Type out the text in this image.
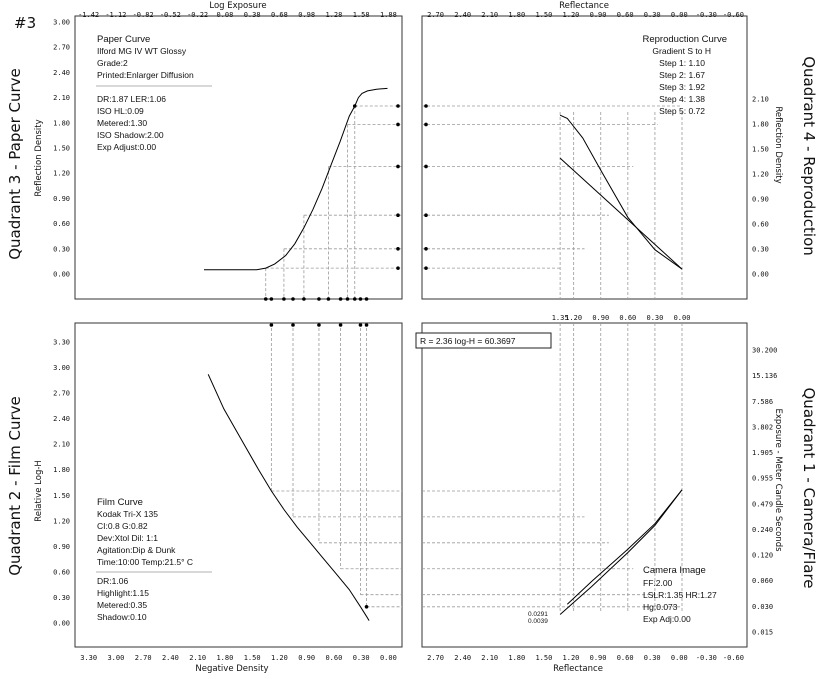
#3
Quadrant 3 - Paper Curve
Quadrant 2 - Film Curve
Quadrant 4 - Reproduction
Quadrant 1 - Camera/Flare
Log Exposure	Reflectance
Negative Density	Reflectance
Reflection Density	Reflection Density
Relative Log-H	Exposure - Meter Candle Seconds
-1.42 -1.12 -0.82 -0.52 -0.22 0.08 0.38 0.68 0.98 1.28 1.58 1.88	2.70 2.40 2.10 1.80 1.50 1.20 0.90 0.60 0.30 0.00 -0.30 -0.60
3.30 3.00 2.70 2.40 2.10 1.80 1.50 1.20 0.90 0.60 0.30 0.00	2.70 2.40 2.10 1.80 1.50 1.20 0.90 0.60 0.30 0.00 -0.30 -0.60
1.35
1.20 0.90 0.60 0.30 0.00
3.00
2.70
2.40
2.10
1.80
1.50
1.20
0.90
0.60
0.30
0.00
2.10
1.80
1.50
1.20
0.90
0.60
0.30
0.00
3.30
3.00
2.70
2.40
2.10
1.80
1.50
1.20
0.90
0.60
0.30
0.00
30.200
15.136
7.586
3.802
1.905
0.955
0.479
0.240
0.120
0.060
0.030
0.015
Paper Curve
Ilford MG IV WT Glossy
Grade:2
Printed:Enlarger Diffusion
DR:1.87 LER:1.06
ISO HL:0.09
Metered:1.30
ISO Shadow:2.00
Exp Adjust:0.00
Reproduction Curve
Gradient S to H
Step 1: 1.10
Step 2: 1.67
Step 3: 1.92
Step 4: 1.38
Step 5: 0.72
Film Curve
Kodak Tri-X 135
CI:0.8 G:0.82
Dev:Xtol Dil: 1:1
Agitation:Dip & Dunk
Time:10:00 Temp:21.5° C
DR:1.06
Highlight:1.15
Metered:0.35
Shadow:0.10
Camera Image
FF:2.00
LSLR:1.35 HR:1.27
Hg:0.073
Exp Adj:0.00
R = 2.36 log-H = 60.3697
0.0291
0.0039
